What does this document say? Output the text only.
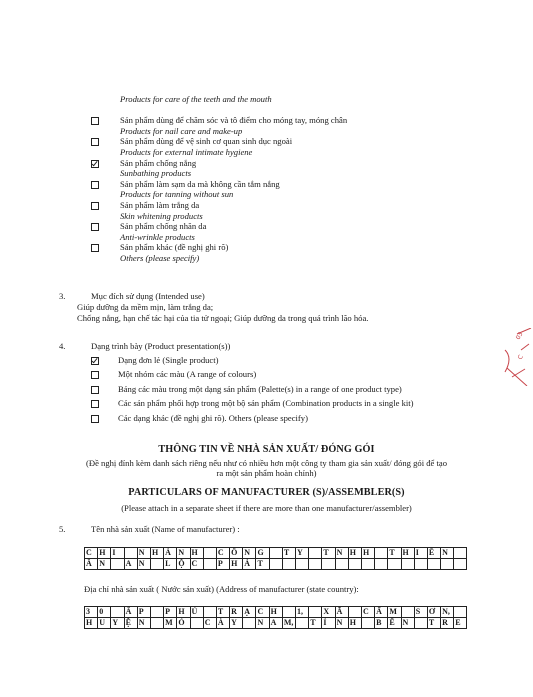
Products for care of the teeth and the mouth
Sản phẩm dùng để chăm sóc và tô điểm cho móng tay, móng chân
Products for nail care and make-up
Sản phẩm dùng để vệ sinh cơ quan sinh dục ngoài
Products for external intimate hygiene
Sản phẩm chống nắng
Sunbathing products
Sản phẩm làm sạm da mà không cần tắm nắng
Products for tanning without sun
Sản phẩm làm trắng da
Skin whitening products
Sản phẩm chống nhăn da
Anti-wrinkle products
Sản phẩm khác (đề nghị ghi rõ)
Others (please specify)
3.	Mục đích sử dụng (Intended use)
Giúp dưỡng da mềm mịn, làm trắng da;
Chống nắng, hạn chế tác hại của tia tử ngoại; Giúp dưỡng da trong quá trình lão hóa.
4.	Dạng trình bày (Product presentation(s))
Dạng đơn lẻ (Single product)
Một nhóm các màu (A range of colours)
Bảng các màu trong một dạng sản phẩm (Palette(s) in a range of one product type)
Các sản phẩm phối hợp trong một bộ sản phẩm (Combination products in a single kit)
Các dạng khác (đề nghị ghi rõ). Others (please specify)
THÔNG TIN VỀ NHÀ SẢN XUẤT/ ĐÓNG GÓI
(Đề nghị đính kèm danh sách riêng nếu như có nhiều hơn một công ty tham gia sản xuất/ đóng gói để tạo
ra một sản phẩm hoàn chỉnh)
PARTICULARS OF MANUFACTURER (S)/ASSEMBLER(S)
(Please attach in a separate sheet if there are more than one manufacturer/assembler)
5.	Tên nhà sản xuất (Name of manufacturer) :
C	H	I		N	H	Á	N	H		C	Ô	N	G		T	Y		T	N	H	H		T	H	I	Ê	N	
Â	N		A	N		L	Ộ	C		P	H	Á	T															
Địa chỉ nhà sản xuất ( Nước sản xuất) (Address of manufacturer (state country):
3	0		Ấ	P		P	H	Ú		T	R	Ạ	C	H		1,		X	Ã		C	Ẩ	M		S	Ơ	N,	
H	U	Y	Ệ	N		M	Ỏ		C	À	Y		N	A	M,		T	Ỉ	N	H		B	Ế	N		T	R	E
03
C
